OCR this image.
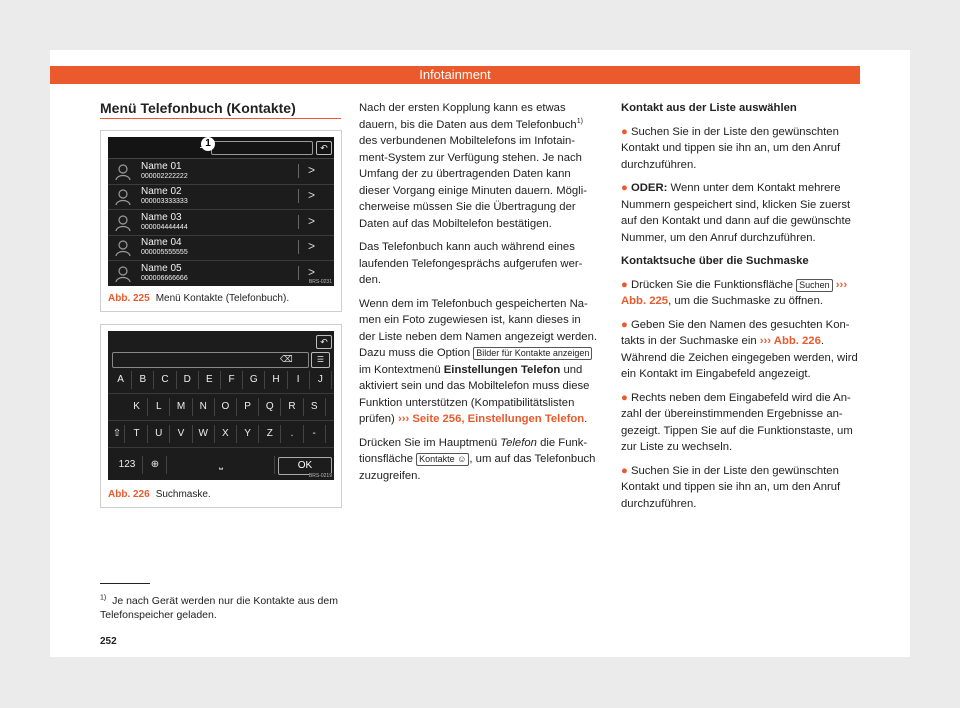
Infotainment
Menü Telefonbuch (Kontakte)
↶
1
Name 01
000002222222	>
Name 02
000003333333	>
Name 03
000004444444	>
Name 04
000005555555	>
Name 05
000006666666	>
BRS-0231
Abb. 225 Menü Kontakte (Telefonbuch).
↶
⌫	☰
A	B	C	D	E	F	G	H	I	J
K	L	M	N	O	P	Q	R	S
⇧	T	U	V	W	X	Y	Z	.	-
123	⊕	⎵	OK
BRS-0219
Abb. 226 Suchmaske.

Nach der ersten Kopplung kann es etwas dauern, bis die Daten aus dem Telefonbuch$^{1)}$ des verbundenen Mobiltelefons im Infotainment-System zur Verfügung stehen. Je nach Umfang der zu übertragenden Daten kann dieser Vorgang einige Minuten dauern. Möglicherweise müssen Sie die Übertragung der Daten auf das Mobiltelefon bestätigen.

Das Telefonbuch kann auch während eines laufenden Telefongesprächs aufgerufen werden.

Wenn dem im Telefonbuch gespeicherten Namen ein Foto zugewiesen ist, kann dieses in der Liste neben dem Namen angezeigt werden. Dazu muss die Option Bilder für Kontakte anzeigen im Kontextmenü Einstellungen Telefon und aktiviert sein und das Mobiltelefon muss diese Funktion unterstützen (Kompatibilitätslisten prüfen) ››› Seite 256, Einstellungen Telefon.

Drücken Sie im Hauptmenü Telefon die Funktionsfläche Kontakte ☺ , um auf das Telefonbuch zuzugreifen.

Kontakt aus der Liste auswählen

● Suchen Sie in der Liste den gewünschten Kontakt und tippen sie ihn an, um den Anruf durchzuführen.

● ODER: Wenn unter dem Kontakt mehrere Nummern gespeichert sind, klicken Sie zuerst auf den Kontakt und dann auf die gewünschte Nummer, um den Anruf durchzuführen.

Kontaktsuche über die Suchmaske

● Drücken Sie die Funktionsfläche Suchen ››› Abb. 225, um die Suchmaske zu öffnen.

● Geben Sie den Namen des gesuchten Kontakts in der Suchmaske ein ››› Abb. 226. Während die Zeichen eingegeben werden, wird ein Kontakt im Eingabefeld angezeigt.

● Rechts neben dem Eingabefeld wird die Anzahl der übereinstimmenden Ergebnisse angezeigt. Tippen Sie auf die Funktionstaste, um zur Liste zu wechseln.

● Suchen Sie in der Liste den gewünschten Kontakt und tippen sie ihn an, um den Anruf durchzuführen.

$^{1)}$ Je nach Gerät werden nur die Kontakte aus dem Telefonspeicher geladen.
252
